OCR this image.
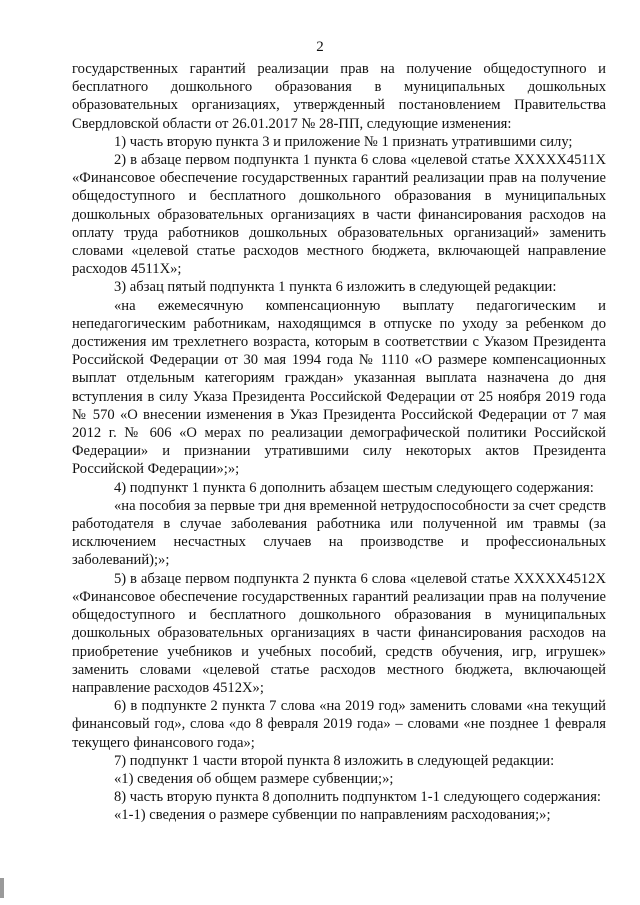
2

государственных гарантий реализации прав на получение общедоступного и бесплатного дошкольного образования в муниципальных дошкольных образовательных организациях, утвержденный постановлением Правительства Свердловской области от 26.01.2017 № 28-ПП, следующие изменения:

1) часть вторую пункта 3 и приложение № 1 признать утратившими силу;

2) в абзаце первом подпункта 1 пункта 6 слова «целевой статье ХХХХХ4511Х «Финансовое обеспечение государственных гарантий реализации прав на получение общедоступного и бесплатного дошкольного образования в муниципальных дошкольных образовательных организациях в части финансирования расходов на оплату труда работников дошкольных образовательных организаций» заменить словами «целевой статье расходов местного бюджета, включающей направление расходов 4511Х»;

3) абзац пятый подпункта 1 пункта 6 изложить в следующей редакции:

«на ежемесячную компенсационную выплату педагогическим и непедагогическим работникам, находящимся в отпуске по уходу за ребенком до достижения им трехлетнего возраста, которым в соответствии с Указом Президента Российской Федерации от 30 мая 1994 года № 1110 «О размере компенсационных выплат отдельным категориям граждан» указанная выплата назначена до дня вступления в силу Указа Президента Российской Федерации от 25 ноября 2019 года № 570 «О внесении изменения в Указ Президента Российской Федерации от 7 мая 2012 г. № 606 «О мерах по реализации демографической политики Российской Федерации» и признании утратившими силу некоторых актов Президента Российской Федерации»;»;

4) подпункт 1 пункта 6 дополнить абзацем шестым следующего содержания:

«на пособия за первые три дня временной нетрудоспособности за счет средств работодателя в случае заболевания работника или полученной им травмы (за исключением несчастных случаев на производстве и профессиональных заболеваний);»;

5) в абзаце первом подпункта 2 пункта 6 слова «целевой статье ХХХХХ4512Х «Финансовое обеспечение государственных гарантий реализации прав на получение общедоступного и бесплатного дошкольного образования в муниципальных дошкольных образовательных организациях в части финансирования расходов на приобретение учебников и учебных пособий, средств обучения, игр, игрушек» заменить словами «целевой статье расходов местного бюджета, включающей направление расходов 4512Х»;

6) в подпункте 2 пункта 7 слова «на 2019 год» заменить словами «на текущий финансовый год», слова «до 8 февраля 2019 года» – словами «не позднее 1 февраля текущего финансового года»;

7) подпункт 1 части второй пункта 8 изложить в следующей редакции:

«1) сведения об общем размере субвенции;»;

8) часть вторую пункта 8 дополнить подпунктом 1-1 следующего содержания:

«1-1) сведения о размере субвенции по направлениям расходования;»;
